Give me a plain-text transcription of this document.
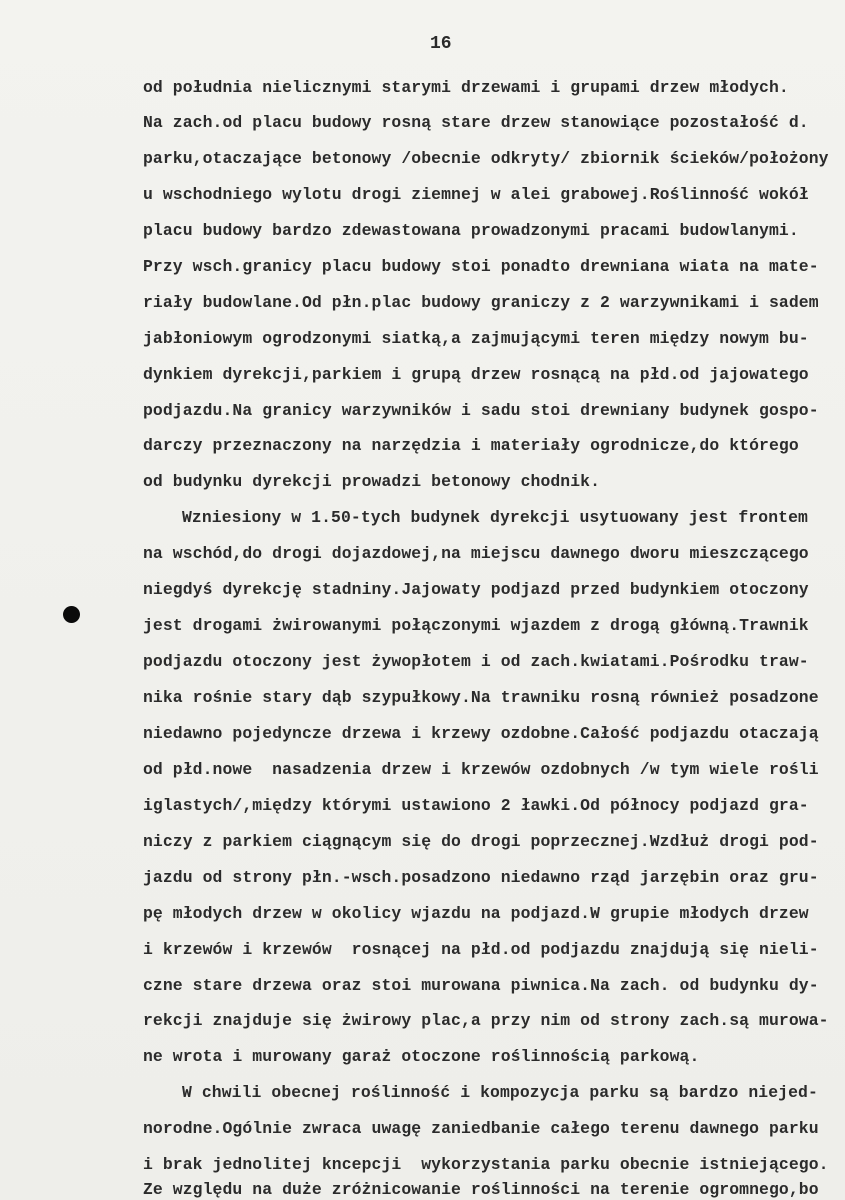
16
od południa nielicznymi starymi drzewami i grupami drzew młodych.
Na zach.od placu budowy rosną stare drzew stanowiące pozostałość d.
parku,otaczające betonowy /obecnie odkryty/ zbiornik ścieków/położony
u wschodniego wylotu drogi ziemnej w alei grabowej.Roślinność wokół
placu budowy bardzo zdewastowana prowadzonymi pracami budowlanymi.
Przy wsch.granicy placu budowy stoi ponadto drewniana wiata na mate-
riały budowlane.Od płn.plac budowy graniczy z 2 warzywnikami i sadem
jabłoniowym ogrodzonymi siatką,a zajmującymi teren między nowym bu-
dynkiem dyrekcji,parkiem i grupą drzew rosnącą na płd.od jajowatego
podjazdu.Na granicy warzywników i sadu stoi drewniany budynek gospo-
darczy przeznaczony na narzędzia i materiały ogrodnicze,do którego
od budynku dyrekcji prowadzi betonowy chodnik.
Wzniesiony w 1.50-tych budynek dyrekcji usytuowany jest frontem
na wschód,do drogi dojazdowej,na miejscu dawnego dworu mieszczącego
niegdyś dyrekcję stadniny.Jajowaty podjazd przed budynkiem otoczony
jest drogami żwirowanymi połączonymi wjazdem z drogą główną.Trawnik
podjazdu otoczony jest żywopłotem i od zach.kwiatami.Pośrodku traw-
nika rośnie stary dąb szypułkowy.Na trawniku rosną również posadzone
niedawno pojedyncze drzewa i krzewy ozdobne.Całość podjazdu otaczają
od płd.nowe  nasadzenia drzew i krzewów ozdobnych /w tym wiele rośli
iglastych/,między którymi ustawiono 2 ławki.Od północy podjazd gra-
niczy z parkiem ciągnącym się do drogi poprzecznej.Wzdłuż drogi pod-
jazdu od strony płn.-wsch.posadzono niedawno rząd jarzębin oraz gru-
pę młodych drzew w okolicy wjazdu na podjazd.W grupie młodych drzew
i krzewów i krzewów  rosnącej na płd.od podjazdu znajdują się nieli-
czne stare drzewa oraz stoi murowana piwnica.Na zach. od budynku dy-
rekcji znajduje się żwirowy plac,a przy nim od strony zach.są murowa-
ne wrota i murowany garaż otoczone roślinnością parkową.
W chwili obecnej roślinność i kompozycja parku są bardzo niejed-
norodne.Ogólnie zwraca uwagę zaniedbanie całego terenu dawnego parku
i brak jednolitej kncepcji  wykorzystania parku obecnie istniejącego.
Ze względu na duże zróżnicowanie roślinności na terenie ogromnego,bo
